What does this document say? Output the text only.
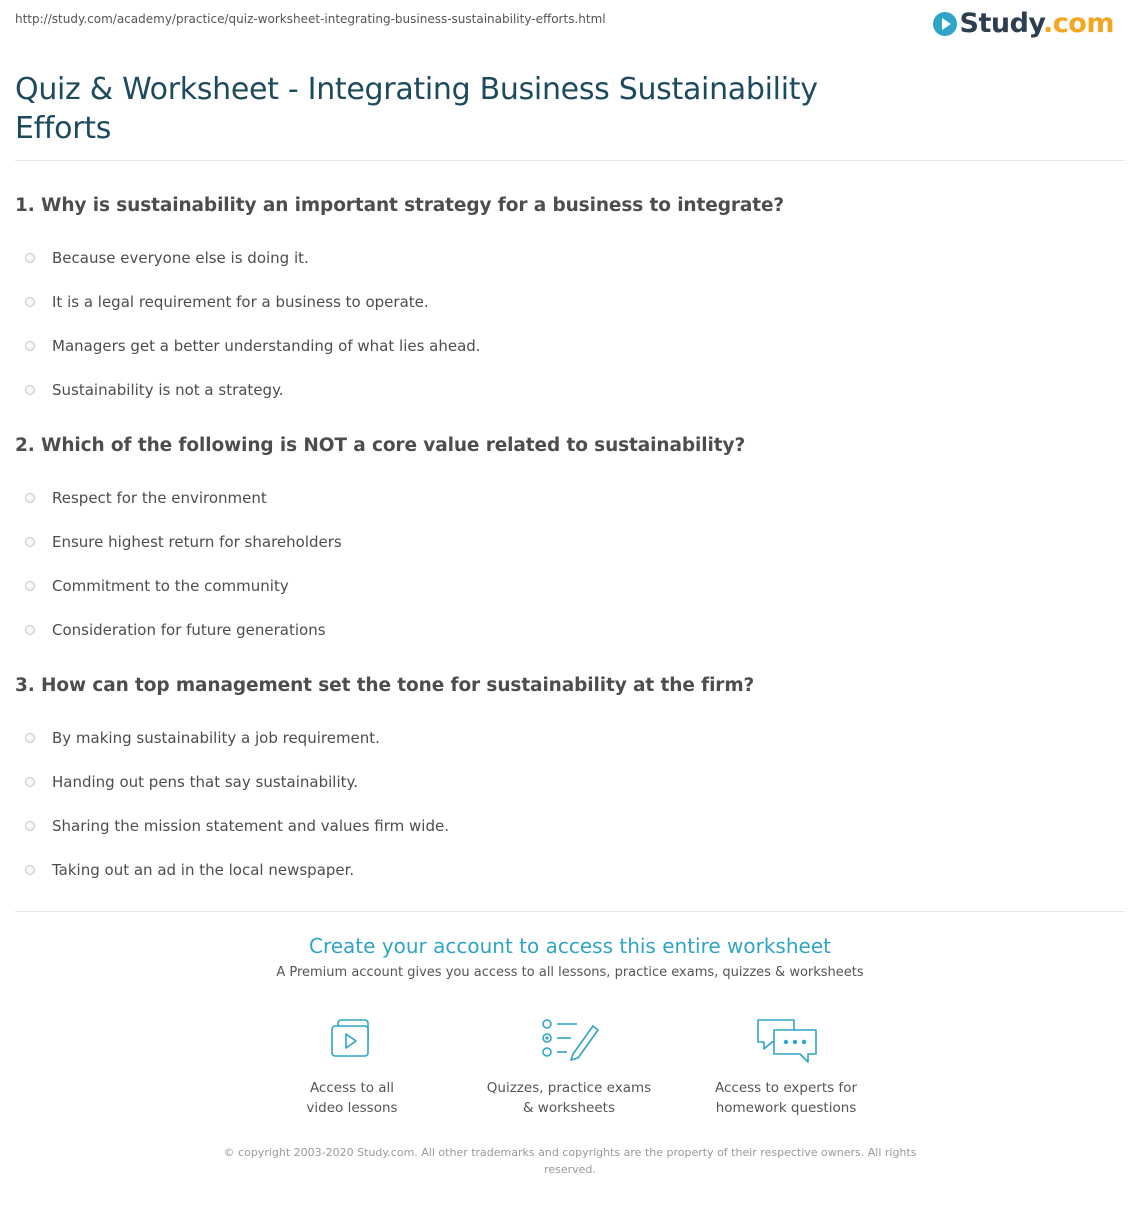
http://study.com/academy/practice/quiz-worksheet-integrating-business-sustainability-efforts.html	Study.com
Quiz & Worksheet - Integrating Business Sustainability Efforts
1. Why is sustainability an important strategy for a business to integrate?
Because everyone else is doing it.
It is a legal requirement for a business to operate.
Managers get a better understanding of what lies ahead.
Sustainability is not a strategy.
2. Which of the following is NOT a core value related to sustainability?
Respect for the environment
Ensure highest return for shareholders
Commitment to the community
Consideration for future generations
3. How can top management set the tone for sustainability at the firm?
By making sustainability a job requirement.
Handing out pens that say sustainability.
Sharing the mission statement and values firm wide.
Taking out an ad in the local newspaper.
Create your account to access this entire worksheet
A Premium account gives you access to all lessons, practice exams, quizzes & worksheets
Access to all
video lessons
Quizzes, practice exams
& worksheets
Access to experts for
homework questions
© copyright 2003-2020 Study.com. All other trademarks and copyrights are the property of their respective owners. All rights reserved.
